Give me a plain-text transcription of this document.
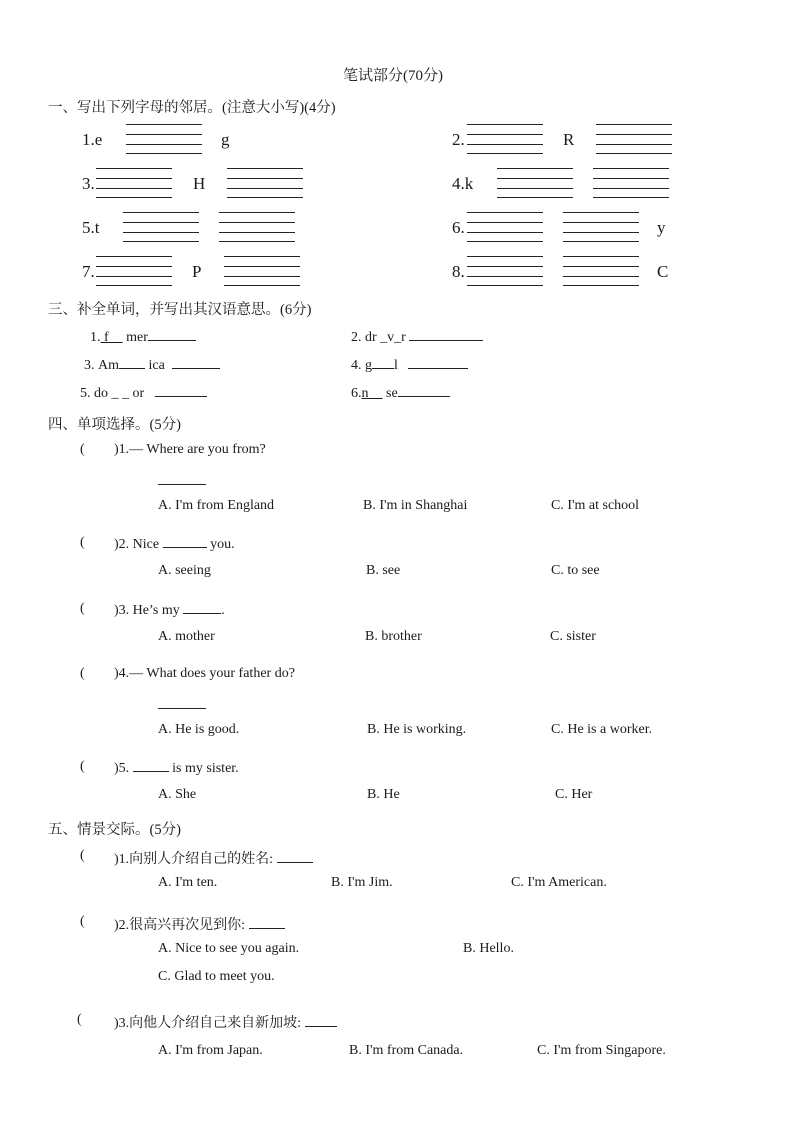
笔试部分(70分)
一、写出下列字母的邻居。(注意大小写)(4分)
1.e	g	2.	R
3.	H	4.k
5.t	6.	y
7.	P	8.	C
三、补全单词，并写出其汉语意思。(6分)
1. f mer	2. dr _v_r
3. Am ica	4. g l
5. do _ _ or	6.n se
四、单项选择。(5分)
( )1.— Where are you from?
A. I'm from England	B. I'm in Shanghai	C. I'm at school
( )2. Nice	you.
A. seeing	B. see	C. to see
( )3. He’s my	.
A. mother	B. brother	C. sister
( )4.— What does your father do?
A. He is good.	B. He is working.	C. He is a worker.
( )5.	is my sister.
A. She	B. He	C. Her
五、情景交际。(5分)
( )1.向别人介绍自己的姓名:
A. I'm ten.	B. I'm Jim.	C. I'm American.
( )2.很高兴再次见到你:
A. Nice to see you again.	B. Hello.
C. Glad to meet you.
( )3.向他人介绍自己来自新加坡:
A. I'm from Japan.	B. I'm from Canada.	C. I'm from Singapore.
